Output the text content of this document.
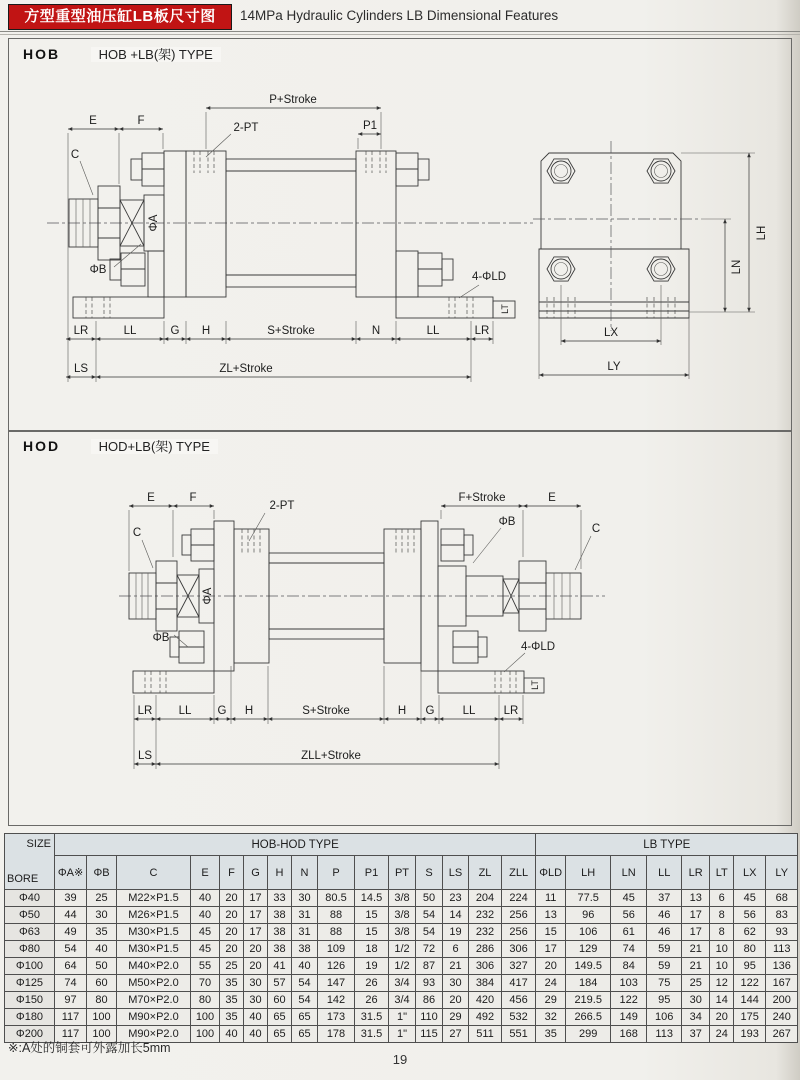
方型重型油压缸LB板尺寸图	14MPa Hydraulic Cylinders LB Dimensional Features
HOB	HOB +LB(架) TYPE
P+Stroke
2-PT	P1
E	F
C
ΦA
ΦB
4-ΦLD
LR	LL	G H	S+Stroke	N	LL	LR
LS	ZL+Stroke
LT
LH
LN
LX
LY
HOD	HOD+LB(架) TYPE
E	F
2-PT
F+Stroke	E
C
ΦB
C
ΦA
ΦB
4-ΦLD
LR LL G H	S+Stroke	H G LL LR
LS	ZLL+Stroke
LT
SIZE
BORE	HOB-HOD TYPE															LB TYPE							
	ΦA※	ΦB	C	E	F	G	H	N	P	P1	PT	S	LS	ZL	ZLL	ΦLD	LH	LN	LL	LR	LT	LX	LY
Φ40	39	25	M22×P1.5	40	20	17	33	30	80.5	14.5	3/8	50	23	204	224	11	77.5	45	37	13	6	45	68
Φ50	44	30	M26×P1.5	40	20	17	38	31	88	15	3/8	54	14	232	256	13	96	56	46	17	8	56	83
Φ63	49	35	M30×P1.5	45	20	17	38	31	88	15	3/8	54	19	232	256	15	106	61	46	17	8	62	93
Φ80	54	40	M30×P1.5	45	20	20	38	38	109	18	1/2	72	6	286	306	17	129	74	59	21	10	80	113
Φ100	64	50	M40×P2.0	55	25	20	41	40	126	19	1/2	87	21	306	327	20	149.5	84	59	21	10	95	136
Φ125	74	60	M50×P2.0	70	35	30	57	54	147	26	3/4	93	30	384	417	24	184	103	75	25	12	122	167
Φ150	97	80	M70×P2.0	80	35	30	60	54	142	26	3/4	86	20	420	456	29	219.5	122	95	30	14	144	200
Φ180	117	100	M90×P2.0	100	35	40	65	65	173	31.5	1"	110	29	492	532	32	266.5	149	106	34	20	175	240
Φ200	117	100	M90×P2.0	100	40	40	65	65	178	31.5	1"	115	27	511	551	35	299	168	113	37	24	193	267
※:A处的铜套可外露加长5mm
19
